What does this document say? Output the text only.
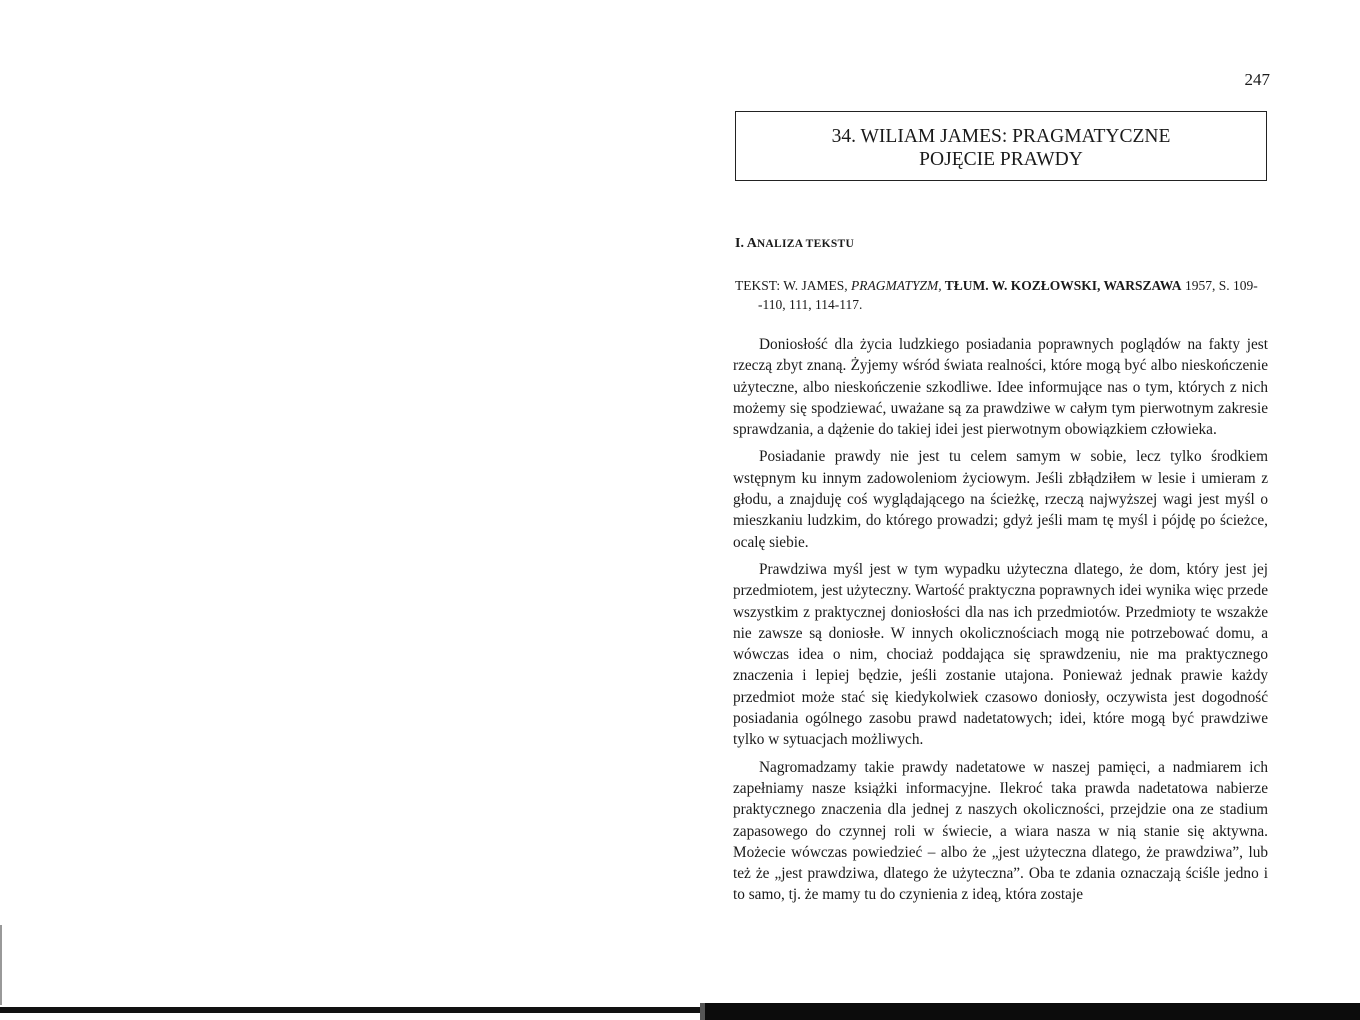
247
34. WILIAM JAMES: PRAGMATYCZNE
POJĘCIE PRAWDY
I. ANALIZA TEKSTU
TEKST: W. JAMES, PRAGMATYZM, TŁUM. W. KOZŁOWSKI, WARSZAWA 1957, S. 109-
-110, 111, 114-117.

Doniosłość dla życia ludzkiego posiadania poprawnych poglądów na fakty jest rzeczą zbyt znaną. Żyjemy wśród świata realności, które mogą być albo nieskończenie użyteczne, albo nieskończenie szkodliwe. Idee informujące nas o tym, których z nich możemy się spodziewać, uważane są za prawdziwe w całym tym pierwotnym zakresie sprawdzania, a dążenie do takiej idei jest pierwotnym obowiązkiem człowieka.

Posiadanie prawdy nie jest tu celem samym w sobie, lecz tylko środkiem wstępnym ku innym zadowoleniom życiowym. Jeśli zbłądziłem w lesie i umieram z głodu, a znajduję coś wyglądającego na ścieżkę, rzeczą najwyższej wagi jest myśl o mieszkaniu ludzkim, do którego prowadzi; gdyż jeśli mam tę myśl i pójdę po ścieżce, ocalę siebie.

Prawdziwa myśl jest w tym wypadku użyteczna dlatego, że dom, który jest jej przedmiotem, jest użyteczny. Wartość praktyczna poprawnych idei wynika więc przede wszystkim z praktycznej doniosłości dla nas ich przedmiotów. Przedmioty te wszakże nie zawsze są doniosłe. W innych okolicznościach mogą nie potrzebować domu, a wówczas idea o nim, chociaż poddająca się sprawdzeniu, nie ma praktycznego znaczenia i lepiej będzie, jeśli zostanie utajona. Ponieważ jednak prawie każdy przedmiot może stać się kiedykolwiek czasowo doniosły, oczywista jest dogodność posiadania ogólnego zasobu prawd nadetatowych; idei, które mogą być prawdziwe tylko w sytuacjach możliwych.

Nagromadzamy takie prawdy nadetatowe w naszej pamięci, a nadmiarem ich zapełniamy nasze książki informacyjne. Ilekroć taka prawda nadetatowa nabierze praktycznego znaczenia dla jednej z naszych okoliczności, przejdzie ona ze stadium zapasowego do czynnej roli w świecie, a wiara nasza w nią stanie się aktywna. Możecie wówczas powiedzieć – albo że „jest użyteczna dlatego, że prawdziwa”, lub też że „jest prawdziwa, dlatego że użyteczna”. Oba te zdania oznaczają ściśle jedno i to samo, tj. że mamy tu do czynienia z ideą, która zostaje
